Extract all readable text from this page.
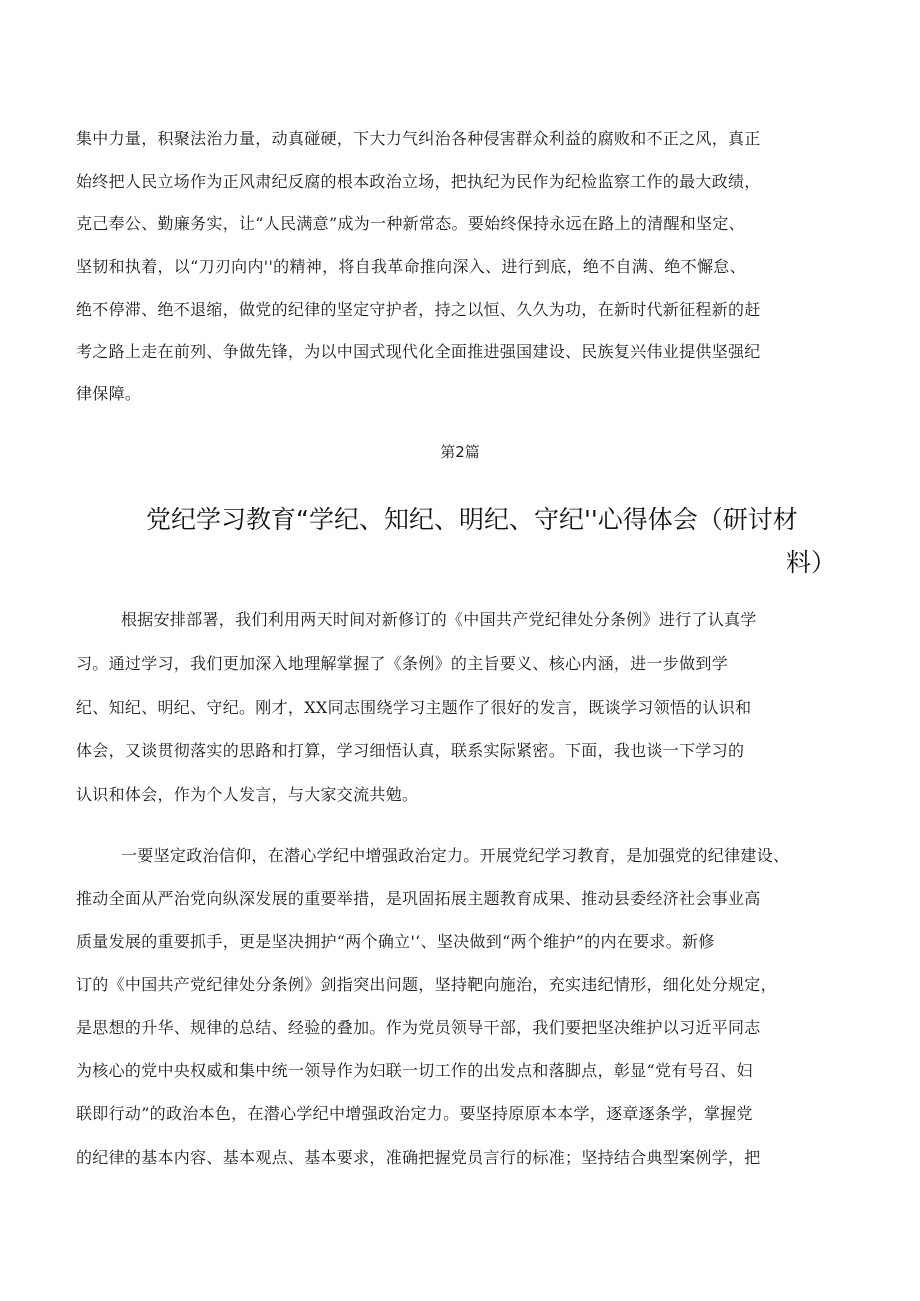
集中力量，积聚法治力量，动真碰硬，下大力气纠治各种侵害群众利益的腐败和不正之风，真正
始终把人民立场作为正风肃纪反腐的根本政治立场，把执纪为民作为纪检监察工作的最大政绩，
克己奉公、勤廉务实，让“人民满意”成为一种新常态。要始终保持永远在路上的清醒和坚定、
坚韧和执着，以“刀刃向内''的精神，将自我革命推向深入、进行到底，绝不自满、绝不懈怠、
绝不停滞、绝不退缩，做党的纪律的坚定守护者，持之以恒、久久为功，在新时代新征程新的赶
考之路上走在前列、争做先锋，为以中国式现代化全面推进强国建设、民族复兴伟业提供坚强纪
律保障。
第2篇
党纪学习教育“学纪、知纪、明纪、守纪''心得体会（研讨材
料）
根据安排部署，我们利用两天时间对新修订的《中国共产党纪律处分条例》进行了认真学
习。通过学习，我们更加深入地理解掌握了《条例》的主旨要义、核心内涵，进一步做到学
纪、知纪、明纪、守纪。刚才，XX同志围绕学习主题作了很好的发言，既谈学习领悟的认识和
体会，又谈贯彻落实的思路和打算，学习细悟认真，联系实际紧密。下面，我也谈一下学习的
认识和体会，作为个人发言，与大家交流共勉。
一要坚定政治信仰，在潜心学纪中增强政治定力。开展党纪学习教育，是加强党的纪律建设、
推动全面从严治党向纵深发展的重要举措，是巩固拓展主题教育成果、推动县委经济社会事业高
质量发展的重要抓手，更是坚决拥护“两个确立'‘、坚决做到“两个维护”的内在要求。新修
订的《中国共产党纪律处分条例》剑指突出问题，坚持靶向施治，充实违纪情形，细化处分规定，
是思想的升华、规律的总结、经验的叠加。作为党员领导干部，我们要把坚决维护以习近平同志
为核心的党中央权威和集中统一领导作为妇联一切工作的出发点和落脚点，彰显“党有号召、妇
联即行动”的政治本色，在潜心学纪中增强政治定力。要坚持原原本本学，逐章逐条学，掌握党
的纪律的基本内容、基本观点、基本要求，准确把握党员言行的标准；坚持结合典型案例学，把
